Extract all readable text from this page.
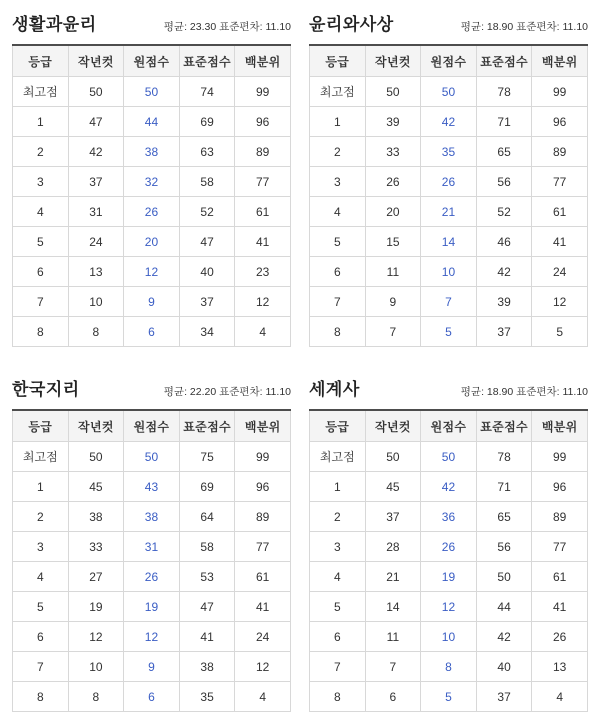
생활과윤리	평균: 23.30 표준편차: 11.10
등급	작년컷	원점수	표준점수	백분위
최고점	50	50	74	99
1	47	44	69	96
2	42	38	63	89
3	37	32	58	77
4	31	26	52	61
5	24	20	47	41
6	13	12	40	23
7	10	9	37	12
8	8	6	34	4
윤리와사상	평균: 18.90 표준편차: 11.10
등급	작년컷	원점수	표준점수	백분위
최고점	50	50	78	99
1	39	42	71	96
2	33	35	65	89
3	26	26	56	77
4	20	21	52	61
5	15	14	46	41
6	11	10	42	24
7	9	7	39	12
8	7	5	37	5
한국지리	평균: 22.20 표준편차: 11.10
등급	작년컷	원점수	표준점수	백분위
최고점	50	50	75	99
1	45	43	69	96
2	38	38	64	89
3	33	31	58	77
4	27	26	53	61
5	19	19	47	41
6	12	12	41	24
7	10	9	38	12
8	8	6	35	4
세계사	평균: 18.90 표준편차: 11.10
등급	작년컷	원점수	표준점수	백분위
최고점	50	50	78	99
1	45	42	71	96
2	37	36	65	89
3	28	26	56	77
4	21	19	50	61
5	14	12	44	41
6	11	10	42	26
7	7	8	40	13
8	6	5	37	4
